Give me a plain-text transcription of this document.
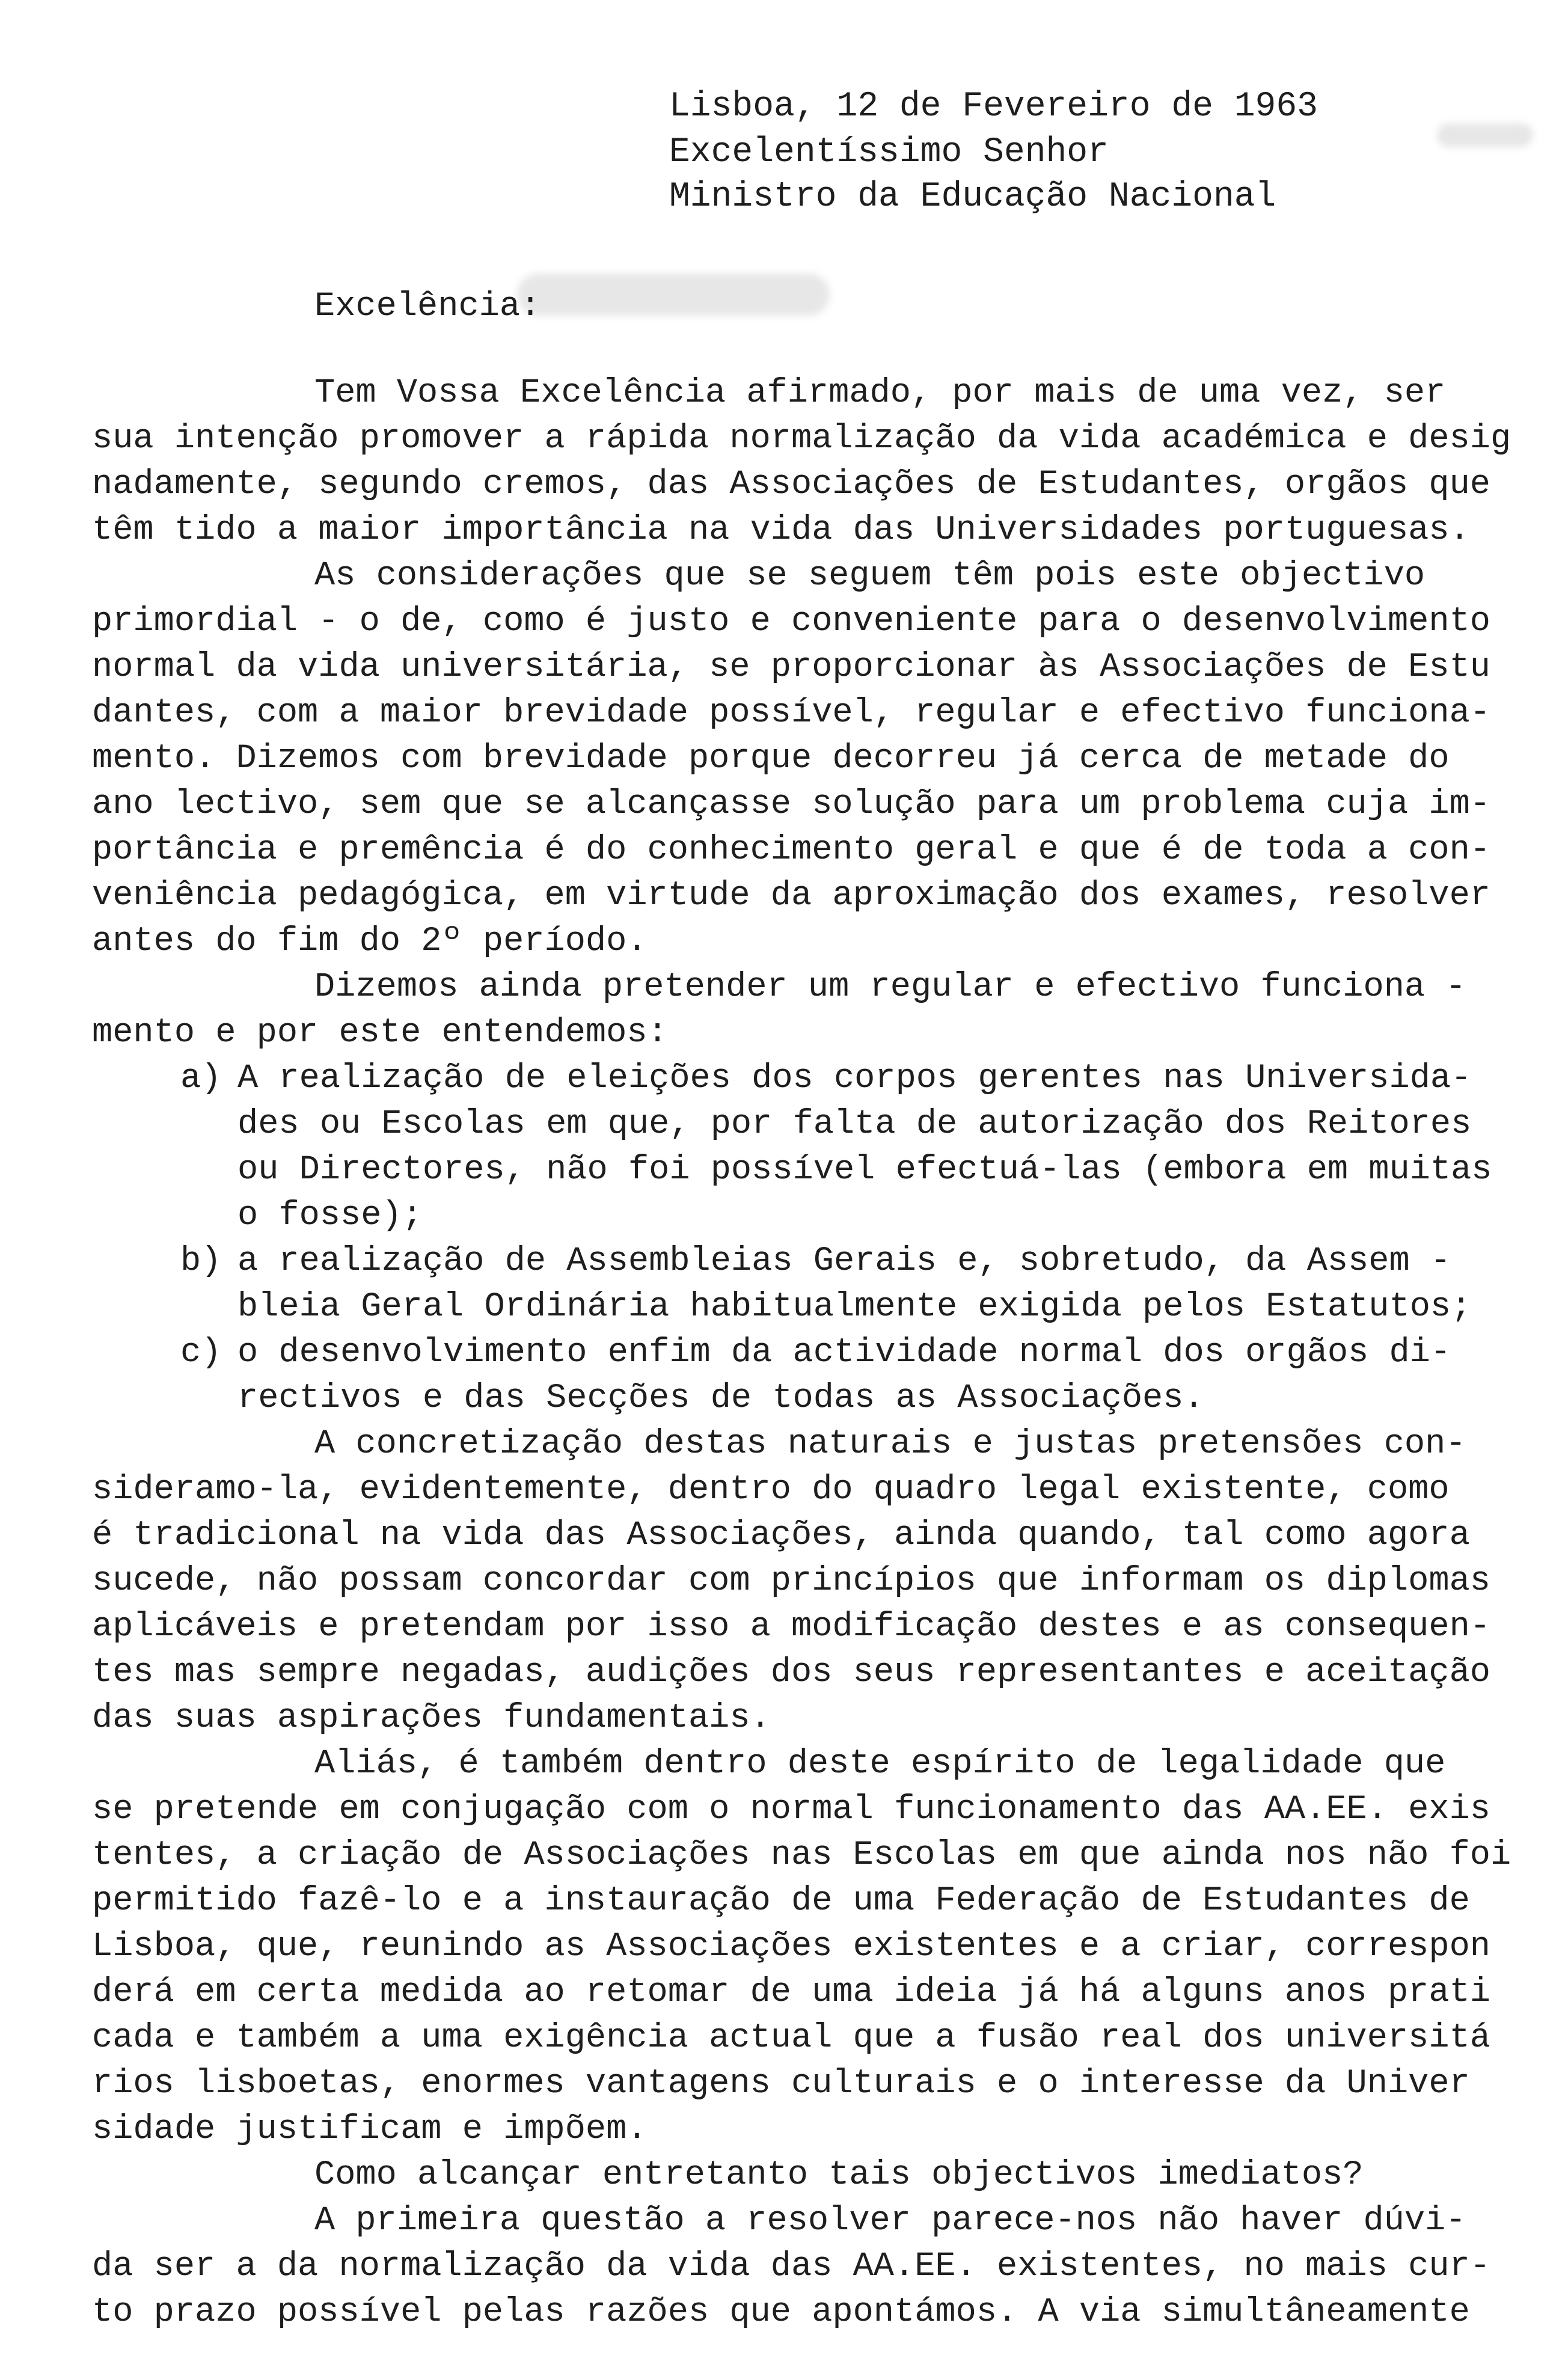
Lisboa, 12 de Fevereiro de 1963
Excelentíssimo Senhor
Ministro da Educação Nacional
Excelência:
Tem Vossa Excelência afirmado, por mais de uma vez, ser
sua intenção promover a rápida normalização da vida académica e desig
nadamente, segundo cremos, das Associações de Estudantes, orgãos que
têm tido a maior importância na vida das Universidades portuguesas.
As considerações que se seguem têm pois este objectivo
primordial - o de, como é justo e conveniente para o desenvolvimento
normal da vida universitária, se proporcionar às Associações de Estu
dantes, com a maior brevidade possível, regular e efectivo funciona-
mento. Dizemos com brevidade porque decorreu já cerca de metade do
ano lectivo, sem que se alcançasse solução para um problema cuja im-
portância e premência é do conhecimento geral e que é de toda a con-
veniência pedagógica, em virtude da aproximação dos exames, resolver
antes do fim do 2º período.
Dizemos ainda pretender um regular e efectivo funciona -
mento e por este entendemos:
a) A realização de eleições dos corpos gerentes nas Universida-
des ou Escolas em que, por falta de autorização dos Reitores
ou Directores, não foi possível efectuá-las (embora em muitas
o fosse);
b) a realização de Assembleias Gerais e, sobretudo, da Assem -
bleia Geral Ordinária habitualmente exigida pelos Estatutos;
c) o desenvolvimento enfim da actividade normal dos orgãos di-
rectivos e das Secções de todas as Associações.
A concretização destas naturais e justas pretensões con-
sideramo-la, evidentemente, dentro do quadro legal existente, como
é tradicional na vida das Associações, ainda quando, tal como agora
sucede, não possam concordar com princípios que informam os diplomas
aplicáveis e pretendam por isso a modificação destes e as consequen-
tes mas sempre negadas, audições dos seus representantes e aceitação
das suas aspirações fundamentais.
Aliás, é também dentro deste espírito de legalidade que
se pretende em conjugação com o normal funcionamento das AA.EE. exis
tentes, a criação de Associações nas Escolas em que ainda nos não foi
permitido fazê-lo e a instauração de uma Federação de Estudantes de
Lisboa, que, reunindo as Associações existentes e a criar, correspon
derá em certa medida ao retomar de uma ideia já há alguns anos prati
cada e também a uma exigência actual que a fusão real dos universitá
rios lisboetas, enormes vantagens culturais e o interesse da Univer
sidade justificam e impõem.
Como alcançar entretanto tais objectivos imediatos?
A primeira questão a resolver parece-nos não haver dúvi-
da ser a da normalização da vida das AA.EE. existentes, no mais cur-
to prazo possível pelas razões que apontámos. A via simultâneamente
